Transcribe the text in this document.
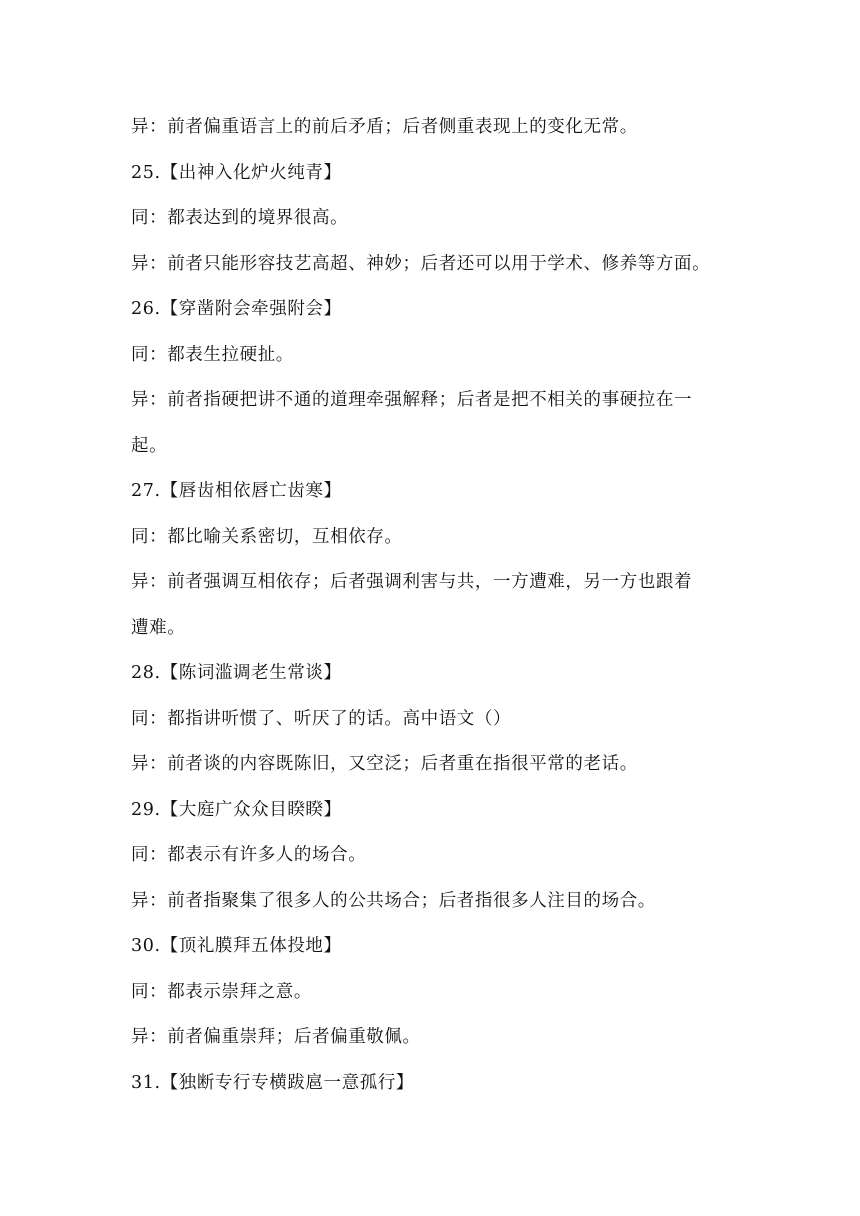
异：前者偏重语言上的前后矛盾；后者侧重表现上的变化无常。
25.【出神入化炉火纯青】
同：都表达到的境界很高。
异：前者只能形容技艺高超、神妙；后者还可以用于学术、修养等方面。
26.【穿凿附会牵强附会】
同：都表生拉硬扯。
异：前者指硬把讲不通的道理牵强解释；后者是把不相关的事硬拉在一
起。
27.【唇齿相依唇亡齿寒】
同：都比喻关系密切，互相依存。
异：前者强调互相依存；后者强调利害与共，一方遭难，另一方也跟着
遭难。
28.【陈词滥调老生常谈】
同：都指讲听惯了、听厌了的话。高中语文（）
异：前者谈的内容既陈旧，又空泛；后者重在指很平常的老话。
29.【大庭广众众目睽睽】
同：都表示有许多人的场合。
异：前者指聚集了很多人的公共场合；后者指很多人注目的场合。
30.【顶礼膜拜五体投地】
同：都表示崇拜之意。
异：前者偏重崇拜；后者偏重敬佩。
31.【独断专行专横跋扈一意孤行】
